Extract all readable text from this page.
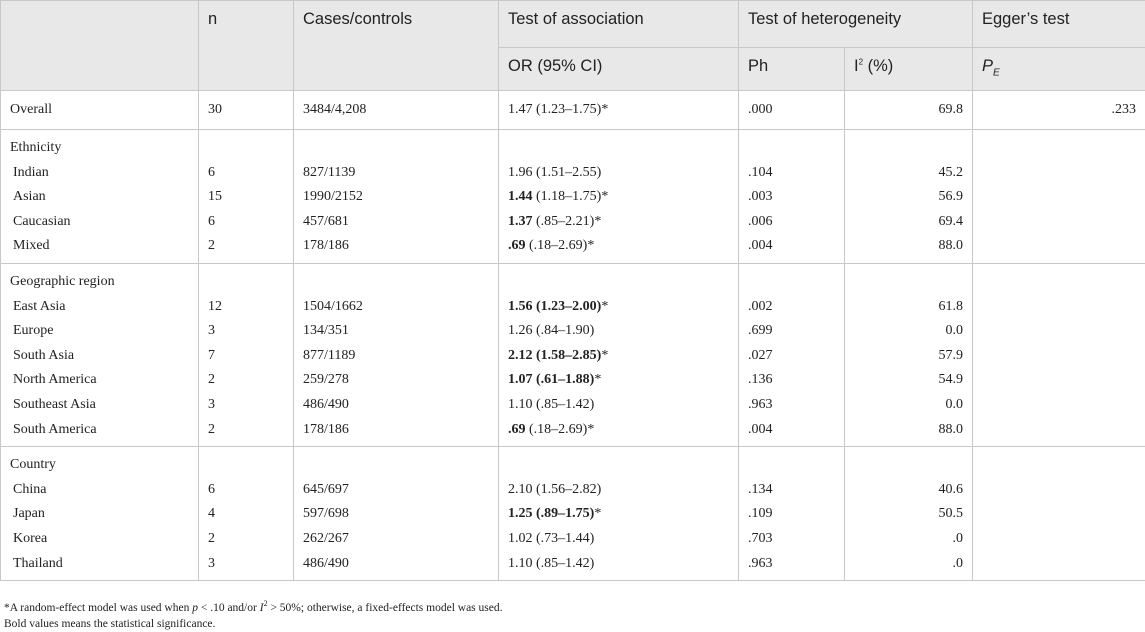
	n	Cases/controls	Test of association	Test of heterogeneity		Egger’s test
			OR (95% CI)	Ph	$I^2$ (%)	$P_E$
Overall	30	3484/4,208	1.47 (1.23–1.75)*	.000	69.8	.233
Ethnicity						
Indian	6	827/1139	1.96 (1.51–2.55)	.104	45.2	
Asian	15	1990/2152	1.44 (1.18–1.75)*	.003	56.9	
Caucasian	6	457/681	1.37 (.85–2.21)*	.006	69.4	
Mixed	2	178/186	.69 (.18–2.69)*	.004	88.0	
Geographic region						
East Asia	12	1504/1662	1.56 (1.23–2.00)*	.002	61.8	
Europe	3	134/351	1.26 (.84–1.90)	.699	0.0	
South Asia	7	877/1189	2.12 (1.58–2.85)*	.027	57.9	
North America	2	259/278	1.07 (.61–1.88)*	.136	54.9	
Southeast Asia	3	486/490	1.10 (.85–1.42)	.963	0.0	
South America	2	178/186	.69 (.18–2.69)*	.004	88.0	
Country						
China	6	645/697	2.10 (1.56–2.82)	.134	40.6	
Japan	4	597/698	1.25 (.89–1.75)*	.109	50.5	
Korea	2	262/267	1.02 (.73–1.44)	.703	.0	
Thailand	3	486/490	1.10 (.85–1.42)	.963	.0	
*A random-effect model was used when p < .10 and/or $I^2 > 50\%$; otherwise, a fixed-effects model was used.
Bold values means the statistical significance.
